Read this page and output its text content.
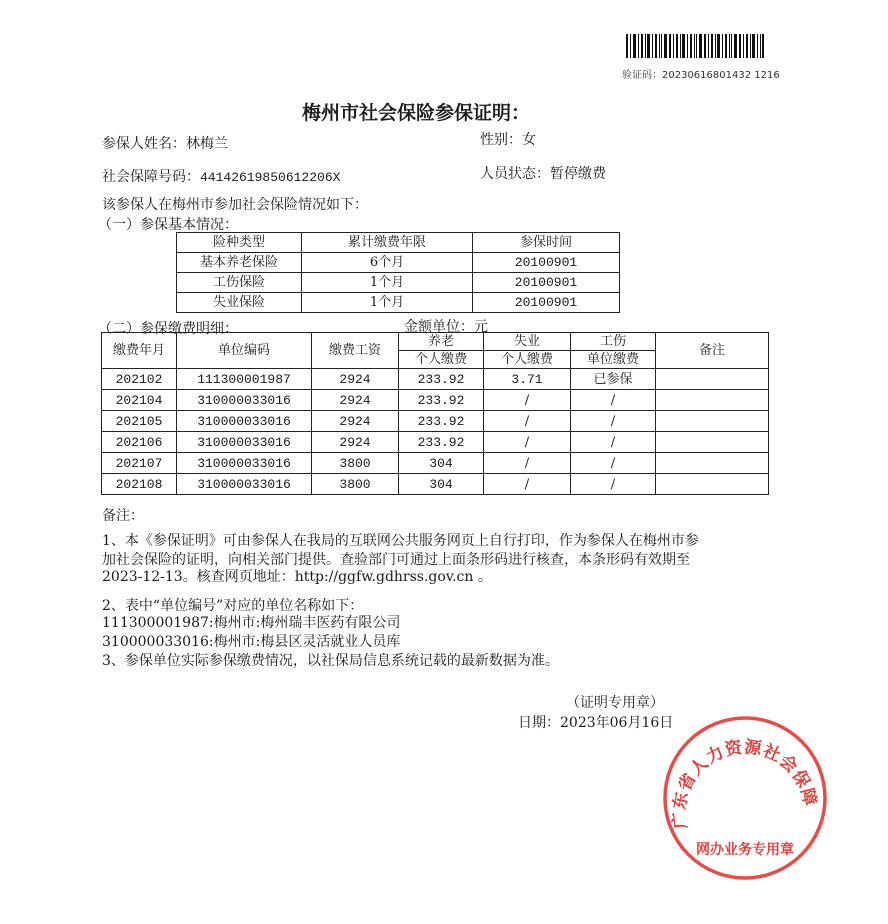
验证码：20230616801432 1216
梅州市社会保险参保证明：
参保人姓名：林梅兰	性别：女
社会保障号码：44142619850612206X	人员状态：暂停缴费
该参保人在梅州市参加社会保险情况如下：
（一）参保基本情况：
险种类型	累计缴费年限	参保时间
基本养老保险	6个月	20100901
工伤保险	1个月	20100901
失业保险	1个月	20100901
（二）参保缴费明细：	金额单位：元
缴费年月	单位编码	缴费工资	养老	失业	工伤	备注
			个人缴费	个人缴费	单位缴费	
202102	111300001987	2924	233.92	3.71	已参保	
202104	310000033016	2924	233.92	/	/	
202105	310000033016	2924	233.92	/	/	
202106	310000033016	2924	233.92	/	/	
202107	310000033016	3800	304	/	/	
202108	310000033016	3800	304	/	/	
备注：
1、本《参保证明》可由参保人在我局的互联网公共服务网页上自行打印，作为参保人在梅州市参
加社会保险的证明，向相关部门提供。查验部门可通过上面条形码进行核查，本条形码有效期至
2023-12-13。核查网页地址：http://ggfw.gdhrss.gov.cn 。
2、表中“单位编号”对应的单位名称如下：
111300001987:梅州市:梅州瑞丰医药有限公司
310000033016:梅州市:梅县区灵活就业人员库
3、参保单位实际参保缴费情况，以社保局信息系统记载的最新数据为准。
（证明专用章）
日期：2023年06月16日
广东省人力资源社会保障
网办业务专用章
